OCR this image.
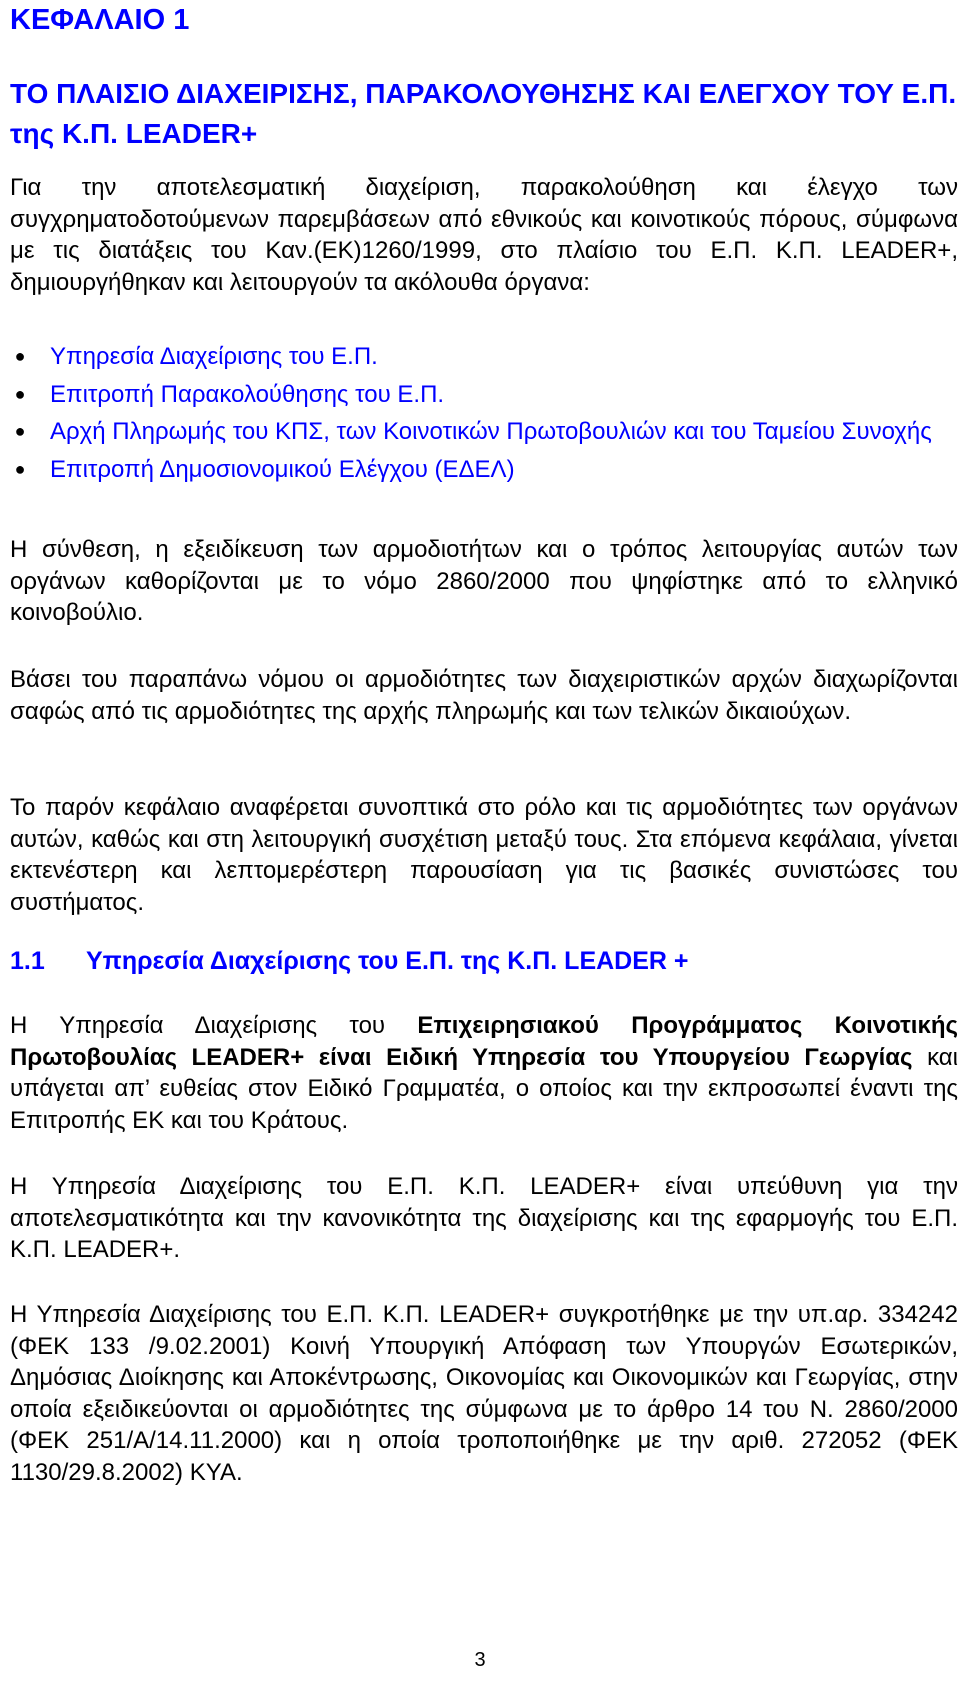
ΚΕΦΑΛΑΙΟ 1
ΤΟ ΠΛΑΙΣΙΟ ΔΙΑΧΕΙΡΙΣΗΣ, ΠΑΡΑΚΟΛΟΥΘΗΣΗΣ ΚΑΙ ΕΛΕΓΧΟΥ ΤΟΥ Ε.Π. της Κ.Π. LEADER+

Για την αποτελεσματική διαχείριση, παρακολούθηση και έλεγχο των συγχρηματοδοτούμενων παρεμβάσεων από εθνικούς και κοινοτικούς πόρους, σύμφωνα με τις διατάξεις του Καν.(ΕΚ)1260/1999, στο πλαίσιο του Ε.Π. Κ.Π. LEADER+, δημιουργήθηκαν και λειτουργούν τα ακόλουθα όργανα:

● Υπηρεσία Διαχείρισης του Ε.Π.
● Επιτροπή Παρακολούθησης του Ε.Π.
● Αρχή Πληρωμής του ΚΠΣ, των Κοινοτικών Πρωτοβουλιών και του Ταμείου Συνοχής
● Επιτροπή Δημοσιονομικού Ελέγχου (ΕΔΕΛ)

Η σύνθεση, η εξειδίκευση των αρμοδιοτήτων και ο τρόπος λειτουργίας αυτών των οργάνων καθορίζονται με το νόμο 2860/2000 που ψηφίστηκε από το ελληνικό κοινοβούλιο.

Βάσει του παραπάνω νόμου οι αρμοδιότητες των διαχειριστικών αρχών διαχωρίζονται σαφώς από τις αρμοδιότητες της αρχής πληρωμής και των τελικών δικαιούχων.

Το παρόν κεφάλαιο αναφέρεται συνοπτικά στο ρόλο και τις αρμοδιότητες των οργάνων αυτών, καθώς και στη λειτουργική συσχέτιση μεταξύ τους. Στα επόμενα κεφάλαια, γίνεται εκτενέστερη και λεπτομερέστερη παρουσίαση για τις βασικές συνιστώσες του συστήματος.

1.1 Υπηρεσία Διαχείρισης του Ε.Π. της Κ.Π. LEADER +

Η Υπηρεσία Διαχείρισης του Επιχειρησιακού Προγράμματος Κοινοτικής Πρωτοβουλίας LEADER+ είναι Ειδική Υπηρεσία του Υπουργείου Γεωργίας και υπάγεται απ’ ευθείας στον Ειδικό Γραμματέα, ο οποίος και την εκπροσωπεί έναντι της Επιτροπής ΕΚ και του Κράτους.

Η Υπηρεσία Διαχείρισης του Ε.Π. Κ.Π. LEADER+ είναι υπεύθυνη για την αποτελεσματικότητα και την κανονικότητα της διαχείρισης και της εφαρμογής του Ε.Π. Κ.Π. LEADER+.

Η Υπηρεσία Διαχείρισης του Ε.Π. Κ.Π. LEADER+ συγκροτήθηκε με την υπ.αρ. 334242 (ΦΕΚ 133 /9.02.2001) Κοινή Υπουργική Απόφαση των Υπουργών Εσωτερικών, Δημόσιας Διοίκησης και Αποκέντρωσης, Οικονομίας και Οικονομικών και Γεωργίας, στην οποία εξειδικεύονται οι αρμοδιότητες της σύμφωνα με το άρθρο 14 του Ν. 2860/2000 (ΦΕΚ 251/Α/14.11.2000) και η οποία τροποποιήθηκε με την αριθ. 272052 (ΦΕΚ 1130/29.8.2002) ΚΥΑ.

3
